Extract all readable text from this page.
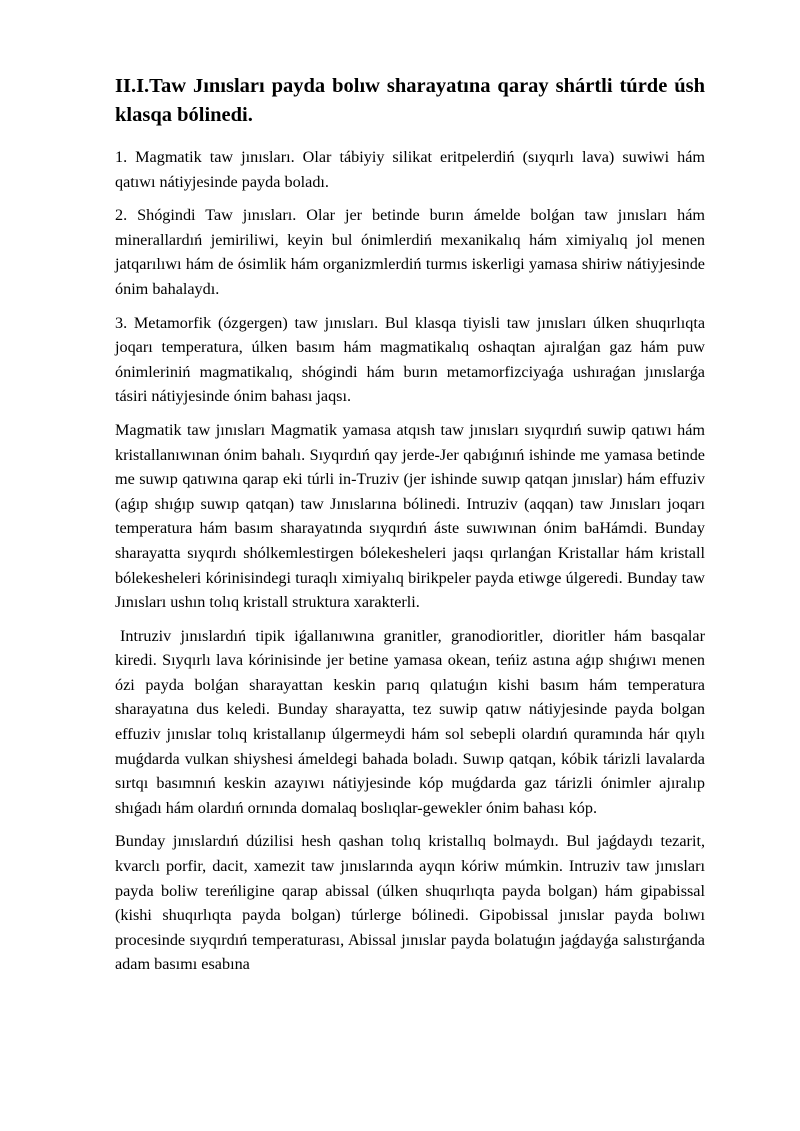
II.I.Taw Jınısları payda bolıw sharayatına qaray shártli túrde úsh klasqa bólinedi.

1. Magmatik taw jınısları. Olar tábiyiy silikat eritpelerdiń (sıyqırlı lava) suwiwi hám qatıwı nátiyjesinde payda boladı.

2. Shógindi Taw jınısları. Olar jer betinde burın ámelde bolǵan taw jınısları hám minerallardıń jemiriliwi, keyin bul ónimlerdiń mexanikalıq hám ximiyalıq jol menen jatqarılıwı hám de ósimlik hám organizmlerdiń turmıs iskerligi yamasa shiriw nátiyjesinde ónim bahalaydı.

3. Metamorfik (ózgergen) taw jınısları. Bul klasqa tiyisli taw jınısları úlken shuqırlıqta joqarı temperatura, úlken basım hám magmatikalıq oshaqtan ajıralǵan gaz hám puw ónimleriniń magmatikalıq, shógindi hám burın metamorfizciyaǵa ushıraǵan jınıslarǵa tásiri nátiyjesinde ónim bahası jaqsı.

Magmatik taw jınısları Magmatik yamasa atqısh taw jınısları sıyqırdıń suwip qatıwı hám kristallanıwınan ónim bahalı. Sıyqırdıń qay jerde-Jer qabıǵınıń ishinde me yamasa betinde me suwıp qatıwına qarap eki túrli in-Truziv (jer ishinde suwıp qatqan jınıslar) hám effuziv (aǵıp shıǵıp suwıp qatqan) taw Jınıslarına bólinedi. Intruziv (aqqan) taw Jınısları joqarı temperatura hám basım sharayatında sıyqırdıń áste suwıwınan ónim baHámdi. Bunday sharayatta sıyqırdı shólkemlestirgen bólekesheleri jaqsı qırlanǵan Kristallar hám kristall bólekesheleri kórinisindegi turaqlı ximiyalıq birikpeler payda etiwge úlgeredi. Bunday taw Jınısları ushın tolıq kristall struktura xarakterli.

Intruziv jınıslardıń tipik iǵallanıwına granitler, granodioritler, dioritler hám basqalar kiredi. Sıyqırlı lava kórinisinde jer betine yamasa okean, teńiz astına aǵıp shıǵıwı menen ózi payda bolǵan sharayattan keskin parıq qılatuǵın kishi basım hám temperatura sharayatına dus keledi. Bunday sharayatta, tez suwip qatıw nátiyjesinde payda bolgan effuziv jınıslar tolıq kristallanıp úlgermeydi hám sol sebepli olardıń quramında hár qıylı muǵdarda vulkan shiyshesi ámeldegi bahada boladı. Suwıp qatqan, kóbik tárizli lavalarda sırtqı basımnıń keskin azayıwı nátiyjesinde kóp muǵdarda gaz tárizli ónimler ajıralıp shıǵadı hám olardıń ornında domalaq boslıqlar-gewekler ónim bahası kóp.

Bunday jınıslardıń dúzilisi hesh qashan tolıq kristallıq bolmaydı. Bul jaǵdaydı tezarit, kvarclı porfir, dacit, xamezit taw jınıslarında ayqın kóriw múmkin. Intruziv taw jınısları payda boliw tereńligine qarap abissal (úlken shuqırlıqta payda bolgan) hám gipabissal (kishi shuqırlıqta payda bolgan) túrlerge bólinedi. Gipobissal jınıslar payda bolıwı procesinde sıyqırdıń temperaturası, Abissal jınıslar payda bolatuǵın jaǵdayǵa salıstırǵanda adam basımı esabına
